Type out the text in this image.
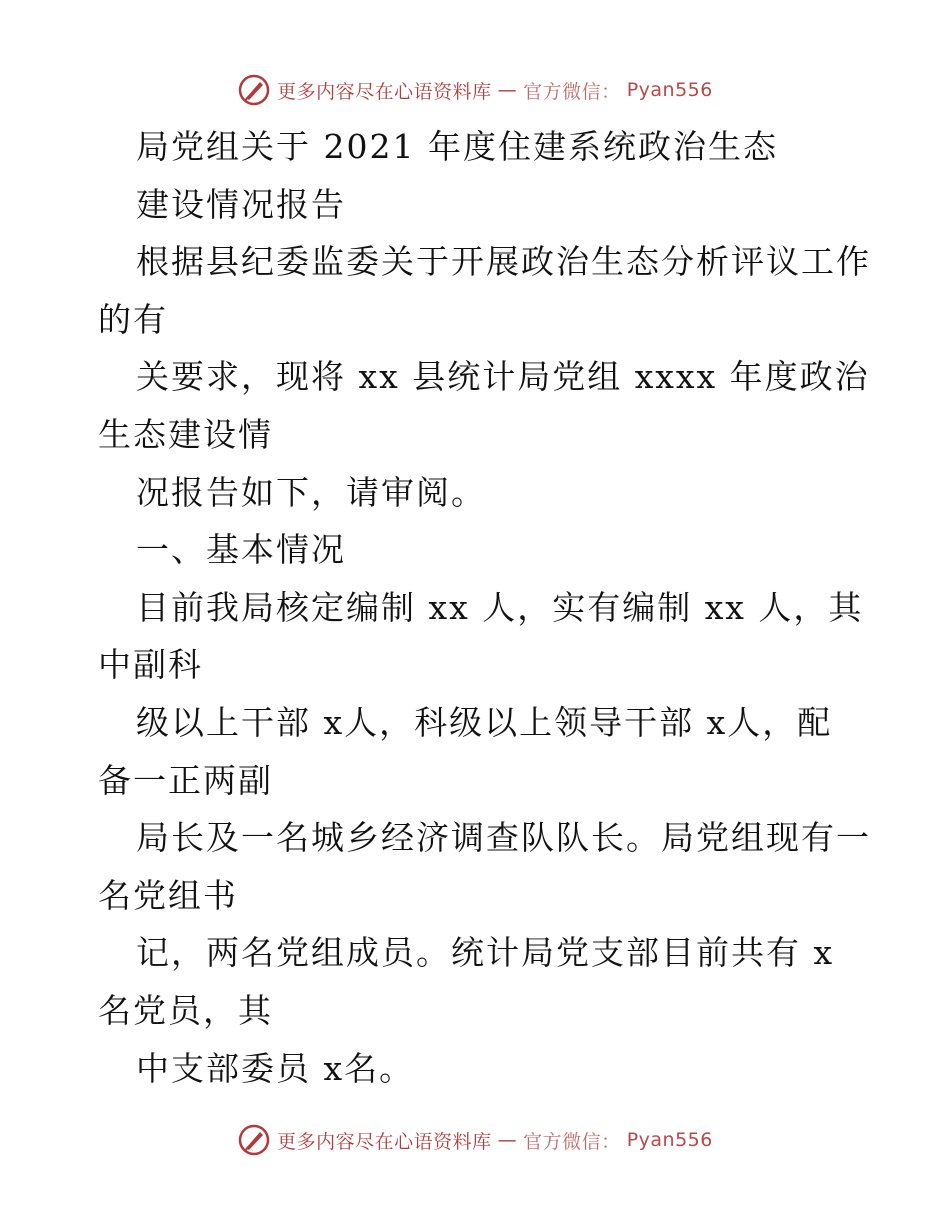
更多内容尽在心语资料库 — 官方微信： Pyan556
局党组关于 2021 年度住建系统政治生态
建设情况报告
根据县纪委监委关于开展政治生态分析评议工作
的有
关要求，现将 xx 县统计局党组 xxxx 年度政治
生态建设情
况报告如下，请审阅。
一、基本情况
目前我局核定编制 xx 人，实有编制 xx 人，其
中副科
级以上干部 x人，科级以上领导干部 x人，配
备一正两副
局长及一名城乡经济调查队队长。局党组现有一
名党组书
记，两名党组成员。统计局党支部目前共有 x
名党员，其
中支部委员 x名。
更多内容尽在心语资料库 — 官方微信： Pyan556
